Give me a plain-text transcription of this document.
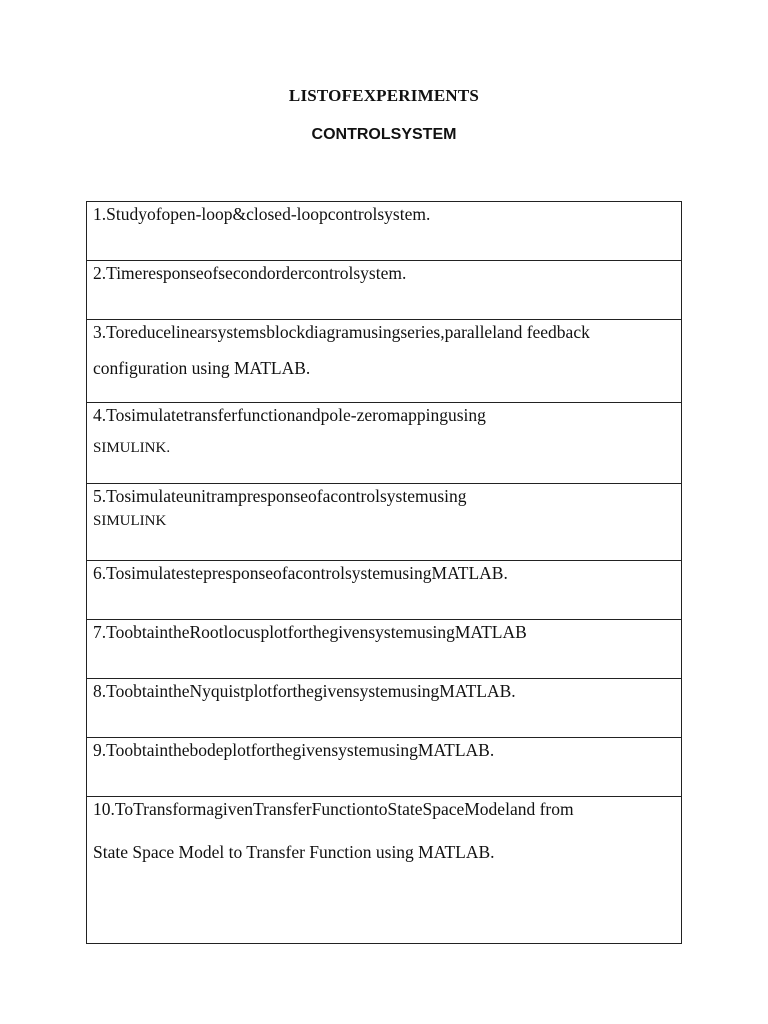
LISTOFEXPERIMENTS
CONTROLSYSTEM
1.Studyofopen-loop&closed-loopcontrolsystem.

2.Timeresponseofsecondordercontrolsystem.

3.Toreducelinearsystemsblockdiagramusingseries,paralleland feedback
configuration using MATLAB.

4.Tosimulatetransferfunctionandpole-zeromappingusing
SIMULINK.

5.Tosimulateunitrampresponseofacontrolsystemusing
SIMULINK

6.TosimulatestepresponseofacontrolsystemusingMATLAB.

7.ToobtaintheRootlocusplotforthegivensystemusingMATLAB

8.ToobtaintheNyquistplotforthegivensystemusingMATLAB.

9.ToobtainthebodeplotforthegivensystemusingMATLAB.

10.ToTransformagivenTransferFunctiontoStateSpaceModeland from
State Space Model to Transfer Function using MATLAB.
